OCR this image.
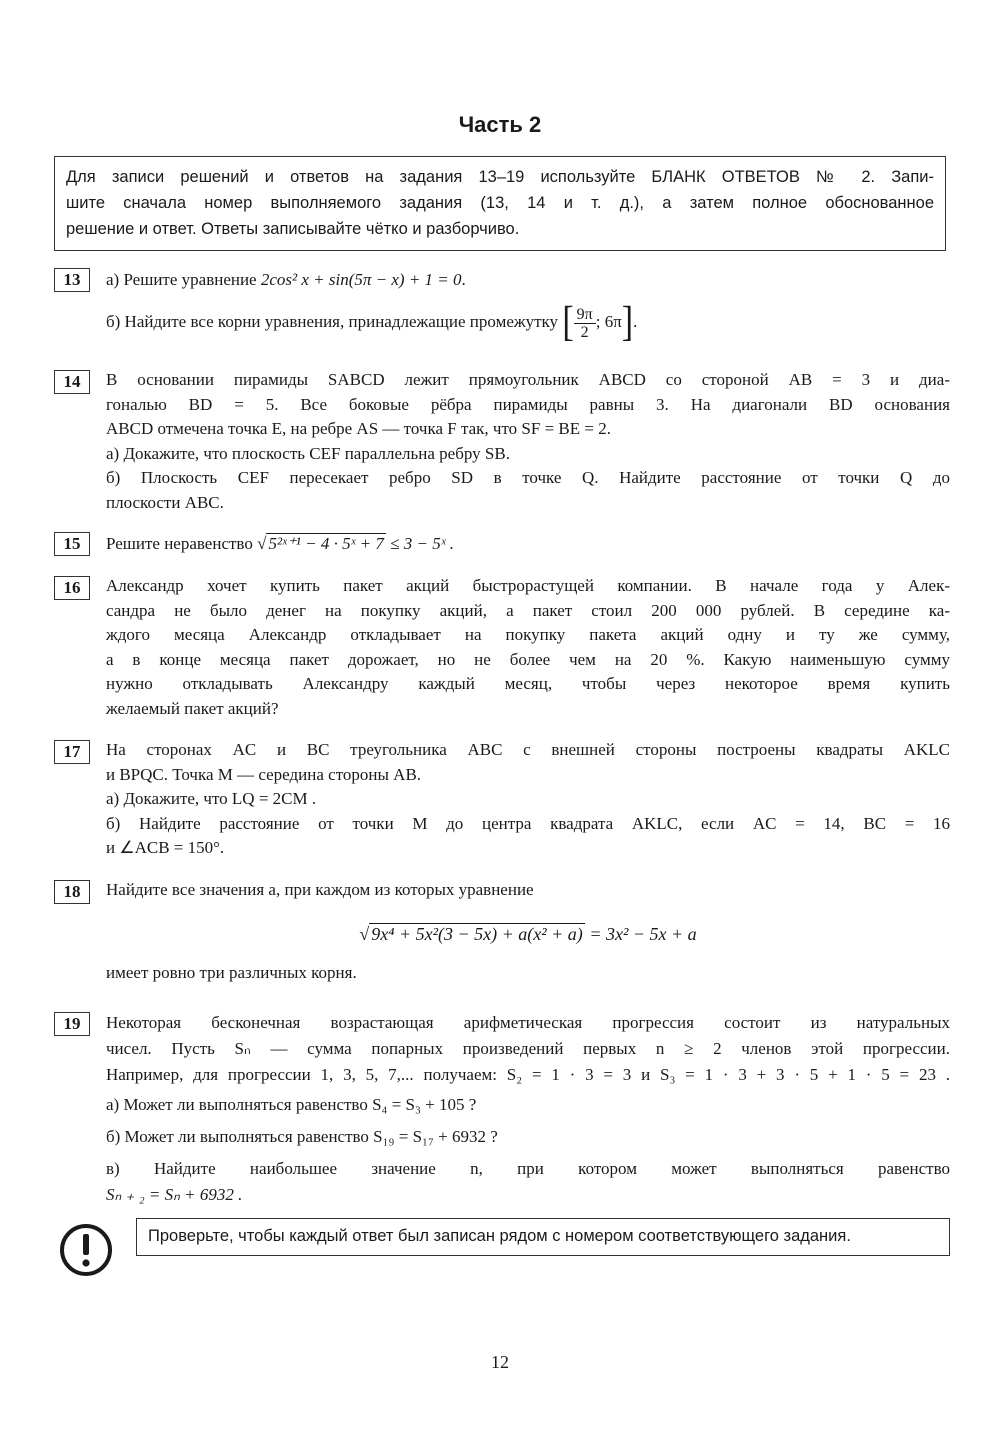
Часть 2
Для записи решений и ответов на задания 13–19 используйте БЛАНК ОТВЕТОВ № 2. Запи-
шите сначала номер выполняемого задания (13, 14 и т. д.), а затем полное обоснованное
решение и ответ. Ответы записывайте чётко и разборчиво.
13	а) Решите уравнение 2cos² x + sin(5π − x) + 1 = 0.
б) Найдите все корни уравнения, принадлежащие промежутку [ $\frac{9\pi}{2}$ ; 6π].
14	В основании пирамиды SABCD лежит прямоугольник ABCD со стороной AB = 3 и диа-
гональю BD = 5. Все боковые рёбра пирамиды равны 3. На диагонали BD основания
ABCD отмечена точка E, на ребре AS — точка F так, что SF = BE = 2.
а) Докажите, что плоскость CEF параллельна ребру SB.
б) Плоскость CEF пересекает ребро SD в точке Q. Найдите расстояние от точки Q до
плоскости ABC.
15	Решите неравенство √ 5²ˣ⁺¹ − 4 · 5ˣ + 7 ≤ 3 − 5ˣ .
16	Александр хочет купить пакет акций быстрорастущей компании. В начале года у Алек-
сандра не было денег на покупку акций, а пакет стоил 200 000 рублей. В середине ка-
ждого месяца Александр откладывает на покупку пакета акций одну и ту же сумму,
а в конце месяца пакет дорожает, но не более чем на 20 %. Какую наименьшую сумму
нужно откладывать Александру каждый месяц, чтобы через некоторое время купить
желаемый пакет акций?
17	На сторонах AC и BC треугольника ABC с внешней стороны построены квадраты AKLC
и BPQC. Точка M — середина стороны AB.
а) Докажите, что LQ = 2CM .
б) Найдите расстояние от точки M до центра квадрата AKLC, если AC = 14, BC = 16
и ∠ACB = 150°.
18	Найдите все значения a, при каждом из которых уравнение
√ 9x⁴ + 5x²(3 − 5x) + a(x² + a) = 3x² − 5x + a
имеет ровно три различных корня.
19	Некоторая бесконечная возрастающая арифметическая прогрессия состоит из натуральных
чисел. Пусть Sₙ — сумма попарных произведений первых n ≥ 2 членов этой прогрессии.
Например, для прогрессии 1, 3, 5, 7,... получаем: S₂ = 1 · 3 = 3 и S₃ = 1 · 3 + 3 · 5 + 1 · 5 = 23 .
а) Может ли выполняться равенство S₄ = S₃ + 105 ?
б) Может ли выполняться равенство S₁₉ = S₁₇ + 6932 ?
в) Найдите наибольшее значение n, при котором может выполняться равенство
Sₙ ₊ ₂ = Sₙ + 6932 .
Проверьте, чтобы каждый ответ был записан рядом с номером соответствующего задания.
12
